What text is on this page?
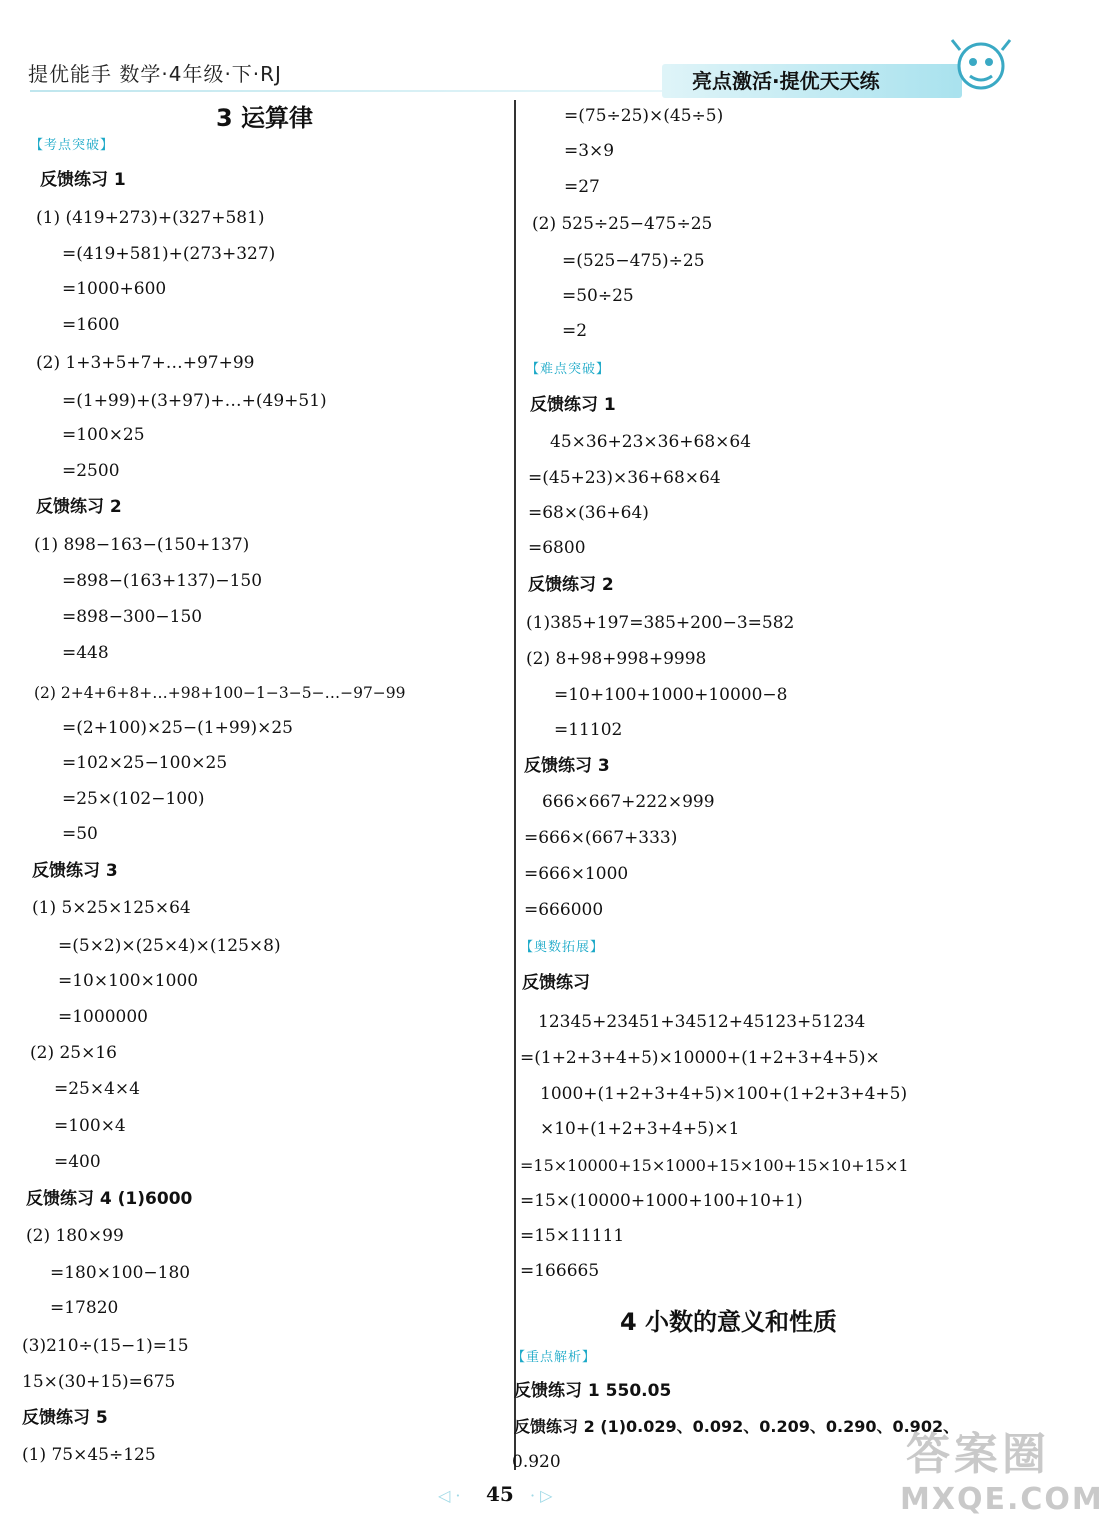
提优能手 数学·4年级·下·RJ	亮点激活·提优天天练
3 运算律
【考点突破】
反馈练习 1
(1) (419+273)+(327+581)
=(419+581)+(273+327)
=1000+600
=1600
(2) 1+3+5+7+…+97+99
=(1+99)+(3+97)+…+(49+51)
=100×25
=2500
反馈练习 2
(1) 898−163−(150+137)
=898−(163+137)−150
=898−300−150
=448
(2) 2+4+6+8+…+98+100−1−3−5−…−97−99
=(2+100)×25−(1+99)×25
=102×25−100×25
=25×(102−100)
=50
反馈练习 3
(1) 5×25×125×64
=(5×2)×(25×4)×(125×8)
=10×100×1000
=1000000
(2) 25×16
=25×4×4
=100×4
=400
反馈练习 4 (1)6000
(2) 180×99
=180×100−180
=17820
(3)210÷(15−1)=15
15×(30+15)=675
反馈练习 5
(1) 75×45÷125
=(75÷25)×(45÷5)
=3×9
=27
(2) 525÷25−475÷25
=(525−475)÷25
=50÷25
=2
【难点突破】
反馈练习 1
45×36+23×36+68×64
=(45+23)×36+68×64
=68×(36+64)
=6800
反馈练习 2
(1)385+197=385+200−3=582
(2) 8+98+998+9998
=10+100+1000+10000−8
=11102
反馈练习 3
666×667+222×999
=666×(667+333)
=666×1000
=666000
【奥数拓展】
反馈练习
12345+23451+34512+45123+51234
=(1+2+3+4+5)×10000+(1+2+3+4+5)×
1000+(1+2+3+4+5)×100+(1+2+3+4+5)
×10+(1+2+3+4+5)×1
=15×10000+15×1000+15×100+15×10+15×1
=15×(10000+1000+100+10+1)
=15×11111
=166665
4 小数的意义和性质
【重点解析】
反馈练习 1 550.05
反馈练习 2 (1)0.029、0.092、0.209、0.290、0.902、
0.920
◁ · 45 · ▷
答案圈
MXQE.COM
